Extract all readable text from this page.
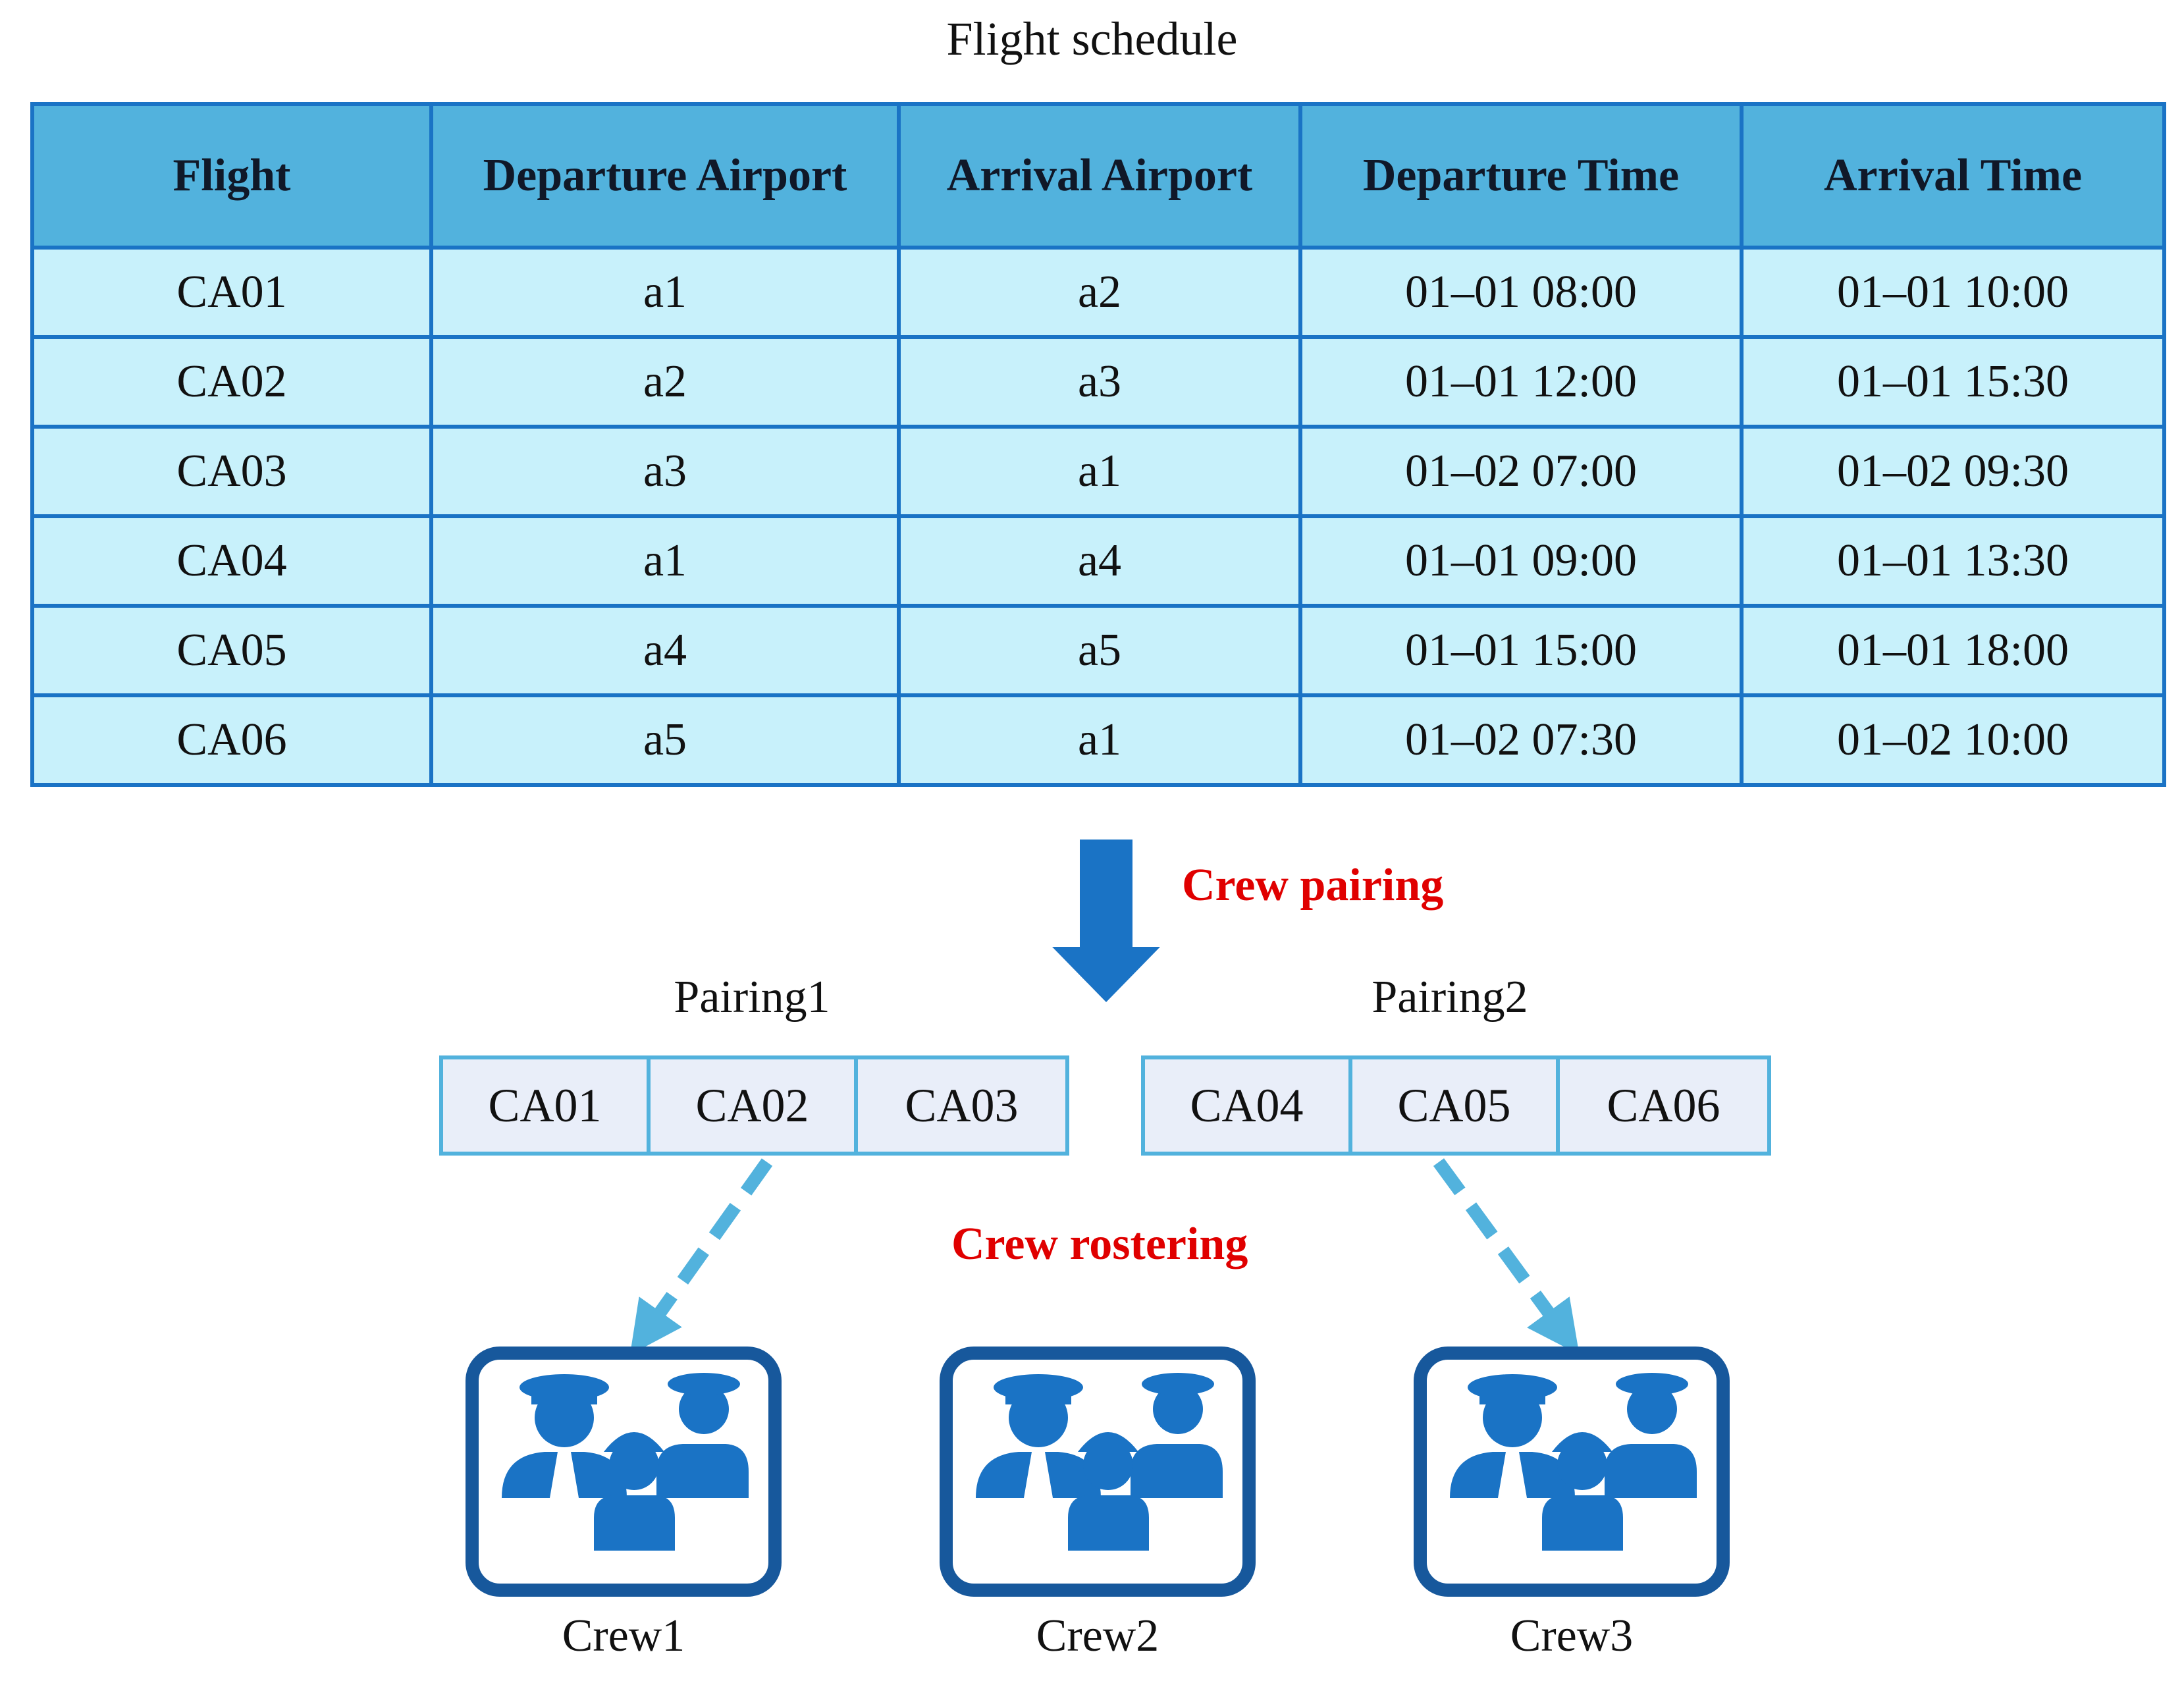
Flight schedule
Flight	Departure Airport	Arrival Airport	Departure Time	Arrival Time
CA01	a1	a2	01–01 08:00	01–01 10:00
CA02	a2	a3	01–01 12:00	01–01 15:30
CA03	a3	a1	01–02 07:00	01–02 09:30
CA04	a1	a4	01–01 09:00	01–01 13:30
CA05	a4	a5	01–01 15:00	01–01 18:00
CA06	a5	a1	01–02 07:30	01–02 10:00
Crew pairing
Crew rostering
Pairing1	Pairing2
CA01	CA02	CA03	CA04	CA05	CA06
Crew1	Crew2	Crew3
